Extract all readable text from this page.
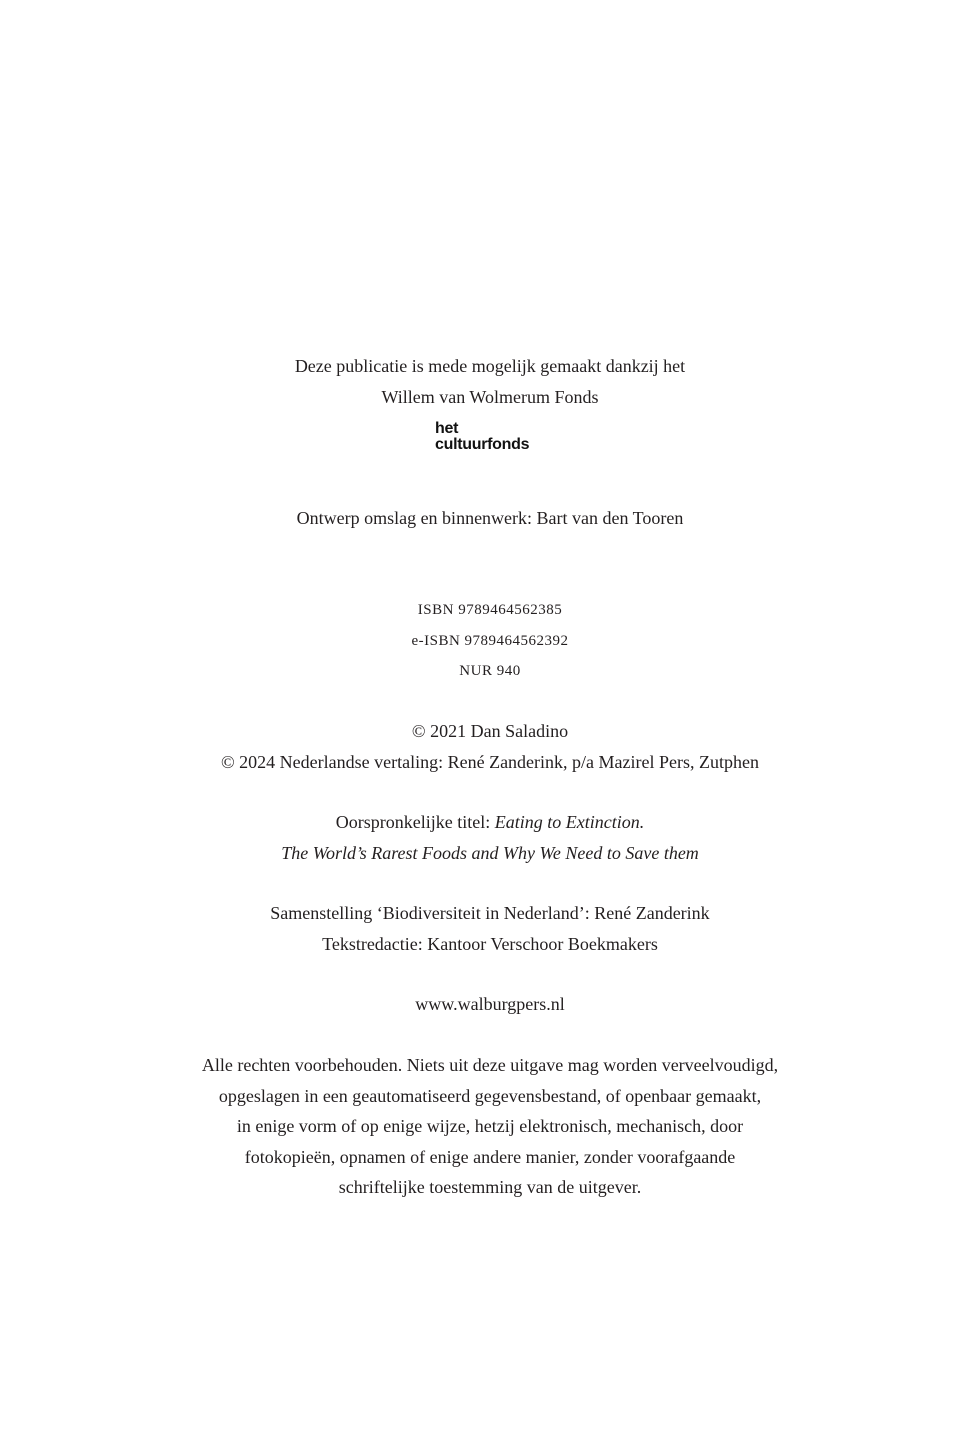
Deze publicatie is mede mogelijk gemaakt dankzij het
Willem van Wolmerum Fonds
het
cultuurfonds
Ontwerp omslag en binnenwerk: Bart van den Tooren
ISBN 9789464562385
e-ISBN 9789464562392
NUR 940
© 2021 Dan Saladino
© 2024 Nederlandse vertaling: René Zanderink, p/a Mazirel Pers, Zutphen
Oorspronkelijke titel: Eating to Extinction.
The World’s Rarest Foods and Why We Need to Save them
Samenstelling ‘Biodiversiteit in Nederland’: René Zanderink
Tekstredactie: Kantoor Verschoor Boekmakers
www.walburgpers.nl
Alle rechten voorbehouden. Niets uit deze uitgave mag worden verveelvoudigd,
opgeslagen in een geautomatiseerd gegevensbestand, of openbaar gemaakt,
in enige vorm of op enige wijze, hetzij elektronisch, mechanisch, door
fotokopieën, opnamen of enige andere manier, zonder voorafgaande
schriftelijke toestemming van de uitgever.
